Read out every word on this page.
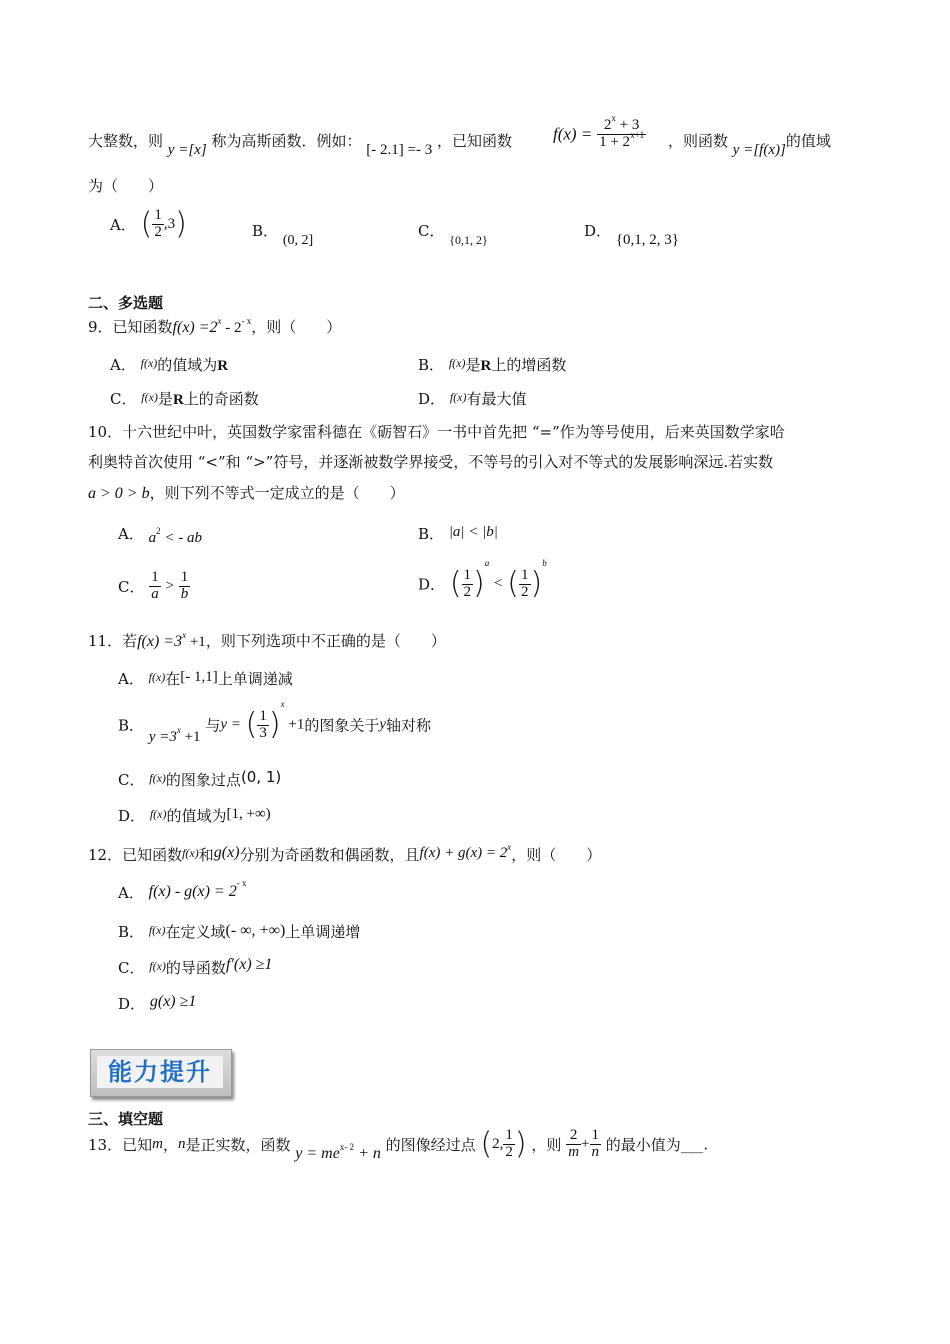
大整数，则 y =[x] 称为高斯函数．例如： [- 2.1] =- 3 ，已知函数 $f(x) = \frac{2^x + 3}{1 + 2^{x+1}}$ ，则函数 y =[f(x)]的值域
为（　　）
A． ( $\frac{1}{2} ,3$)	B． (0, 2]
C． $_{\{0,1, 2\}}$	D． {0,1, 2, 3}
二、多选题
9．已知函数$f(x) =2^x - 2^{- x}$，则（　　）
A． $^{f(x)}$的值域为R	B． $^{f(x)}$是R上的增函数
C． $^{f(x)}$是R上的奇函数	D． $^{f(x)}$有最大值
10．十六世纪中叶，英国数学家雷科德在《砺智石》一书中首先把 “=”作为等号使用，后来英国数学家哈
利奥特首次使用 “<”和 “>”符号，并逐渐被数学界接受，不等号的引入对不等式的发展影响深远.若实数
a > 0 > b，则下列不等式一定成立的是（　　）
A． $a^2$ < - ab	B． |a| < |b|
C． $\frac{1}{a} > \frac{1}{b}$	D． ( $\frac{1}{2} )^a$ < ( $\frac{1}{2} )^b$
11．若$f(x) =3^x +1$，则下列选项中不正确的是（　　）
A． $^{f(x)}$在[- 1,1]上单调递减
B． $y =3^x +1$ 与y = ( $\frac{1}{3} )^x +1$的图象关于y轴对称
C． $^{f(x)}$的图象过点(0, 1)
D． $^{f(x)}$的值域为[1, +∞)
12．已知函数$^{f(x)}$和g(x)分别为奇函数和偶函数，且$f(x) + g(x) = 2^x$，则（　　）
A． $f(x) - g(x) = 2^{- x}$
B． $^{f(x)}$在定义域(- ∞, +∞)上单调递增
C． $^{f(x)}$的导函数f′(x) ≥1
D． g(x) ≥1
能力提升
三、填空题
13．已知m，n是正实数，函数 $y = me^{x- 2} + n$ 的图像经过点 (2, $\frac{1}{2}$ ) ，则 $\frac{2}{m} + \frac{1}{n}$ 的最小值为___.
